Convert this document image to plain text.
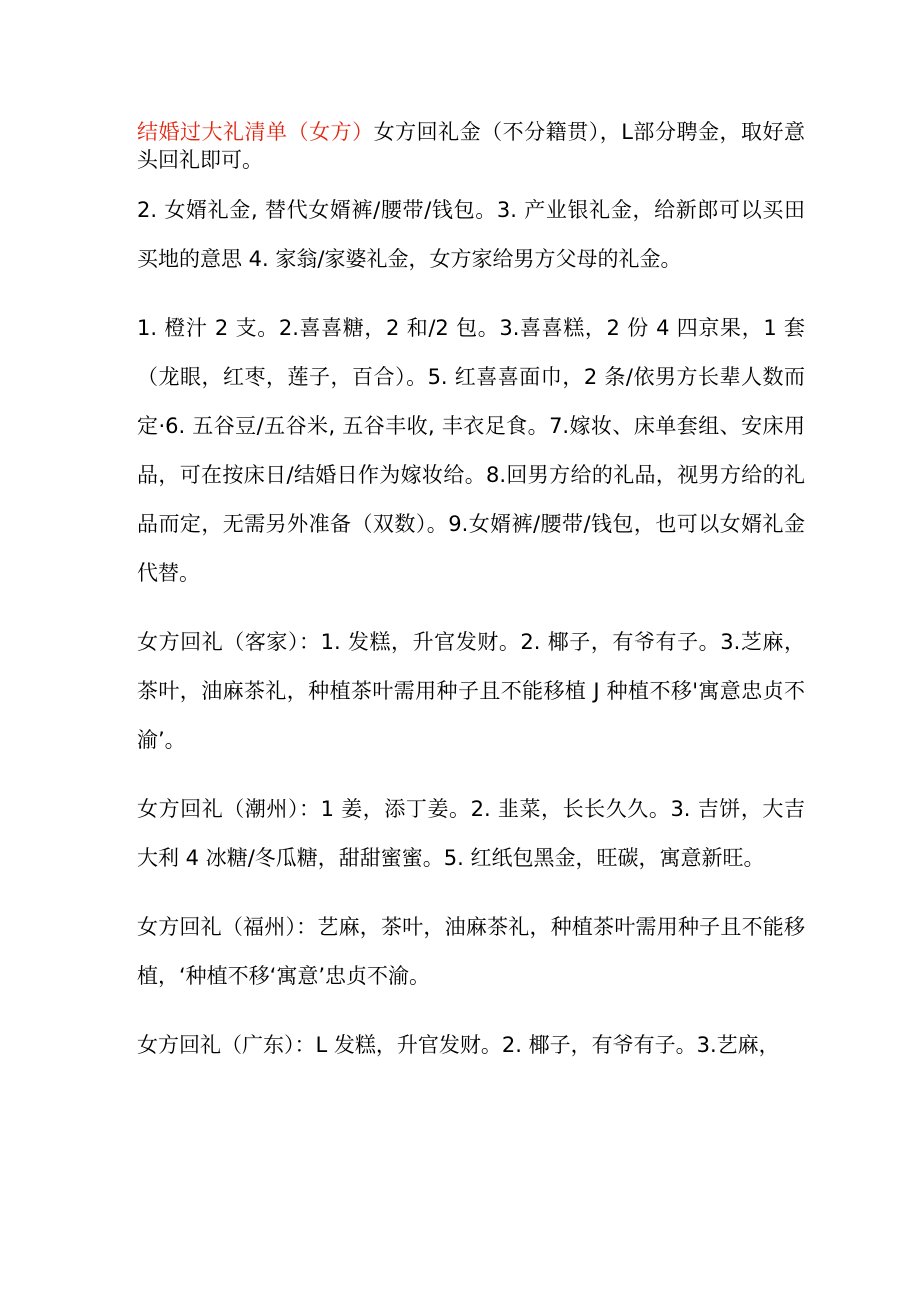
结婚过大礼清单（女方）女方回礼金（不分籍贯），L部分聘金，取好意头回礼即可。

2. 女婿礼金, 替代女婿裤/腰带/钱包。3. 产业银礼金，给新郎可以买田买地的意思 4. 家翁/家婆礼金，女方家给男方父母的礼金。

1. 橙汁 2 支。2.喜喜糖，2 和/2 包。3.喜喜糕，2 份 4 四京果，1 套（龙眼，红枣，莲子，百合）。5. 红喜喜面巾，2 条/依男方长辈人数而定·6. 五谷豆/五谷米, 五谷丰收, 丰衣足食。7.嫁妆、床单套组、安床用品，可在按床日/结婚日作为嫁妆给。8.回男方给的礼品，视男方给的礼品而定，无需另外准备（双数）。9.女婿裤/腰带/钱包，也可以女婿礼金代替。

女方回礼（客家）：1. 发糕，升官发财。2. 椰子，有爷有子。3.芝麻，茶叶，油麻茶礼，种植茶叶需用种子且不能移植 J 种植不移'寓意忠贞不渝’。

女方回礼（潮州）：1 姜，添丁姜。2. 韭菜，长长久久。3. 吉饼，大吉大利 4 冰糖/冬瓜糖，甜甜蜜蜜。5. 红纸包黑金，旺碳，寓意新旺。

女方回礼（福州）：艺麻，茶叶，油麻茶礼，种植茶叶需用种子且不能移植，‘种植不移‘寓意’忠贞不渝。

女方回礼（广东）：L 发糕，升官发财。2. 椰子，有爷有子。3.艺麻，
